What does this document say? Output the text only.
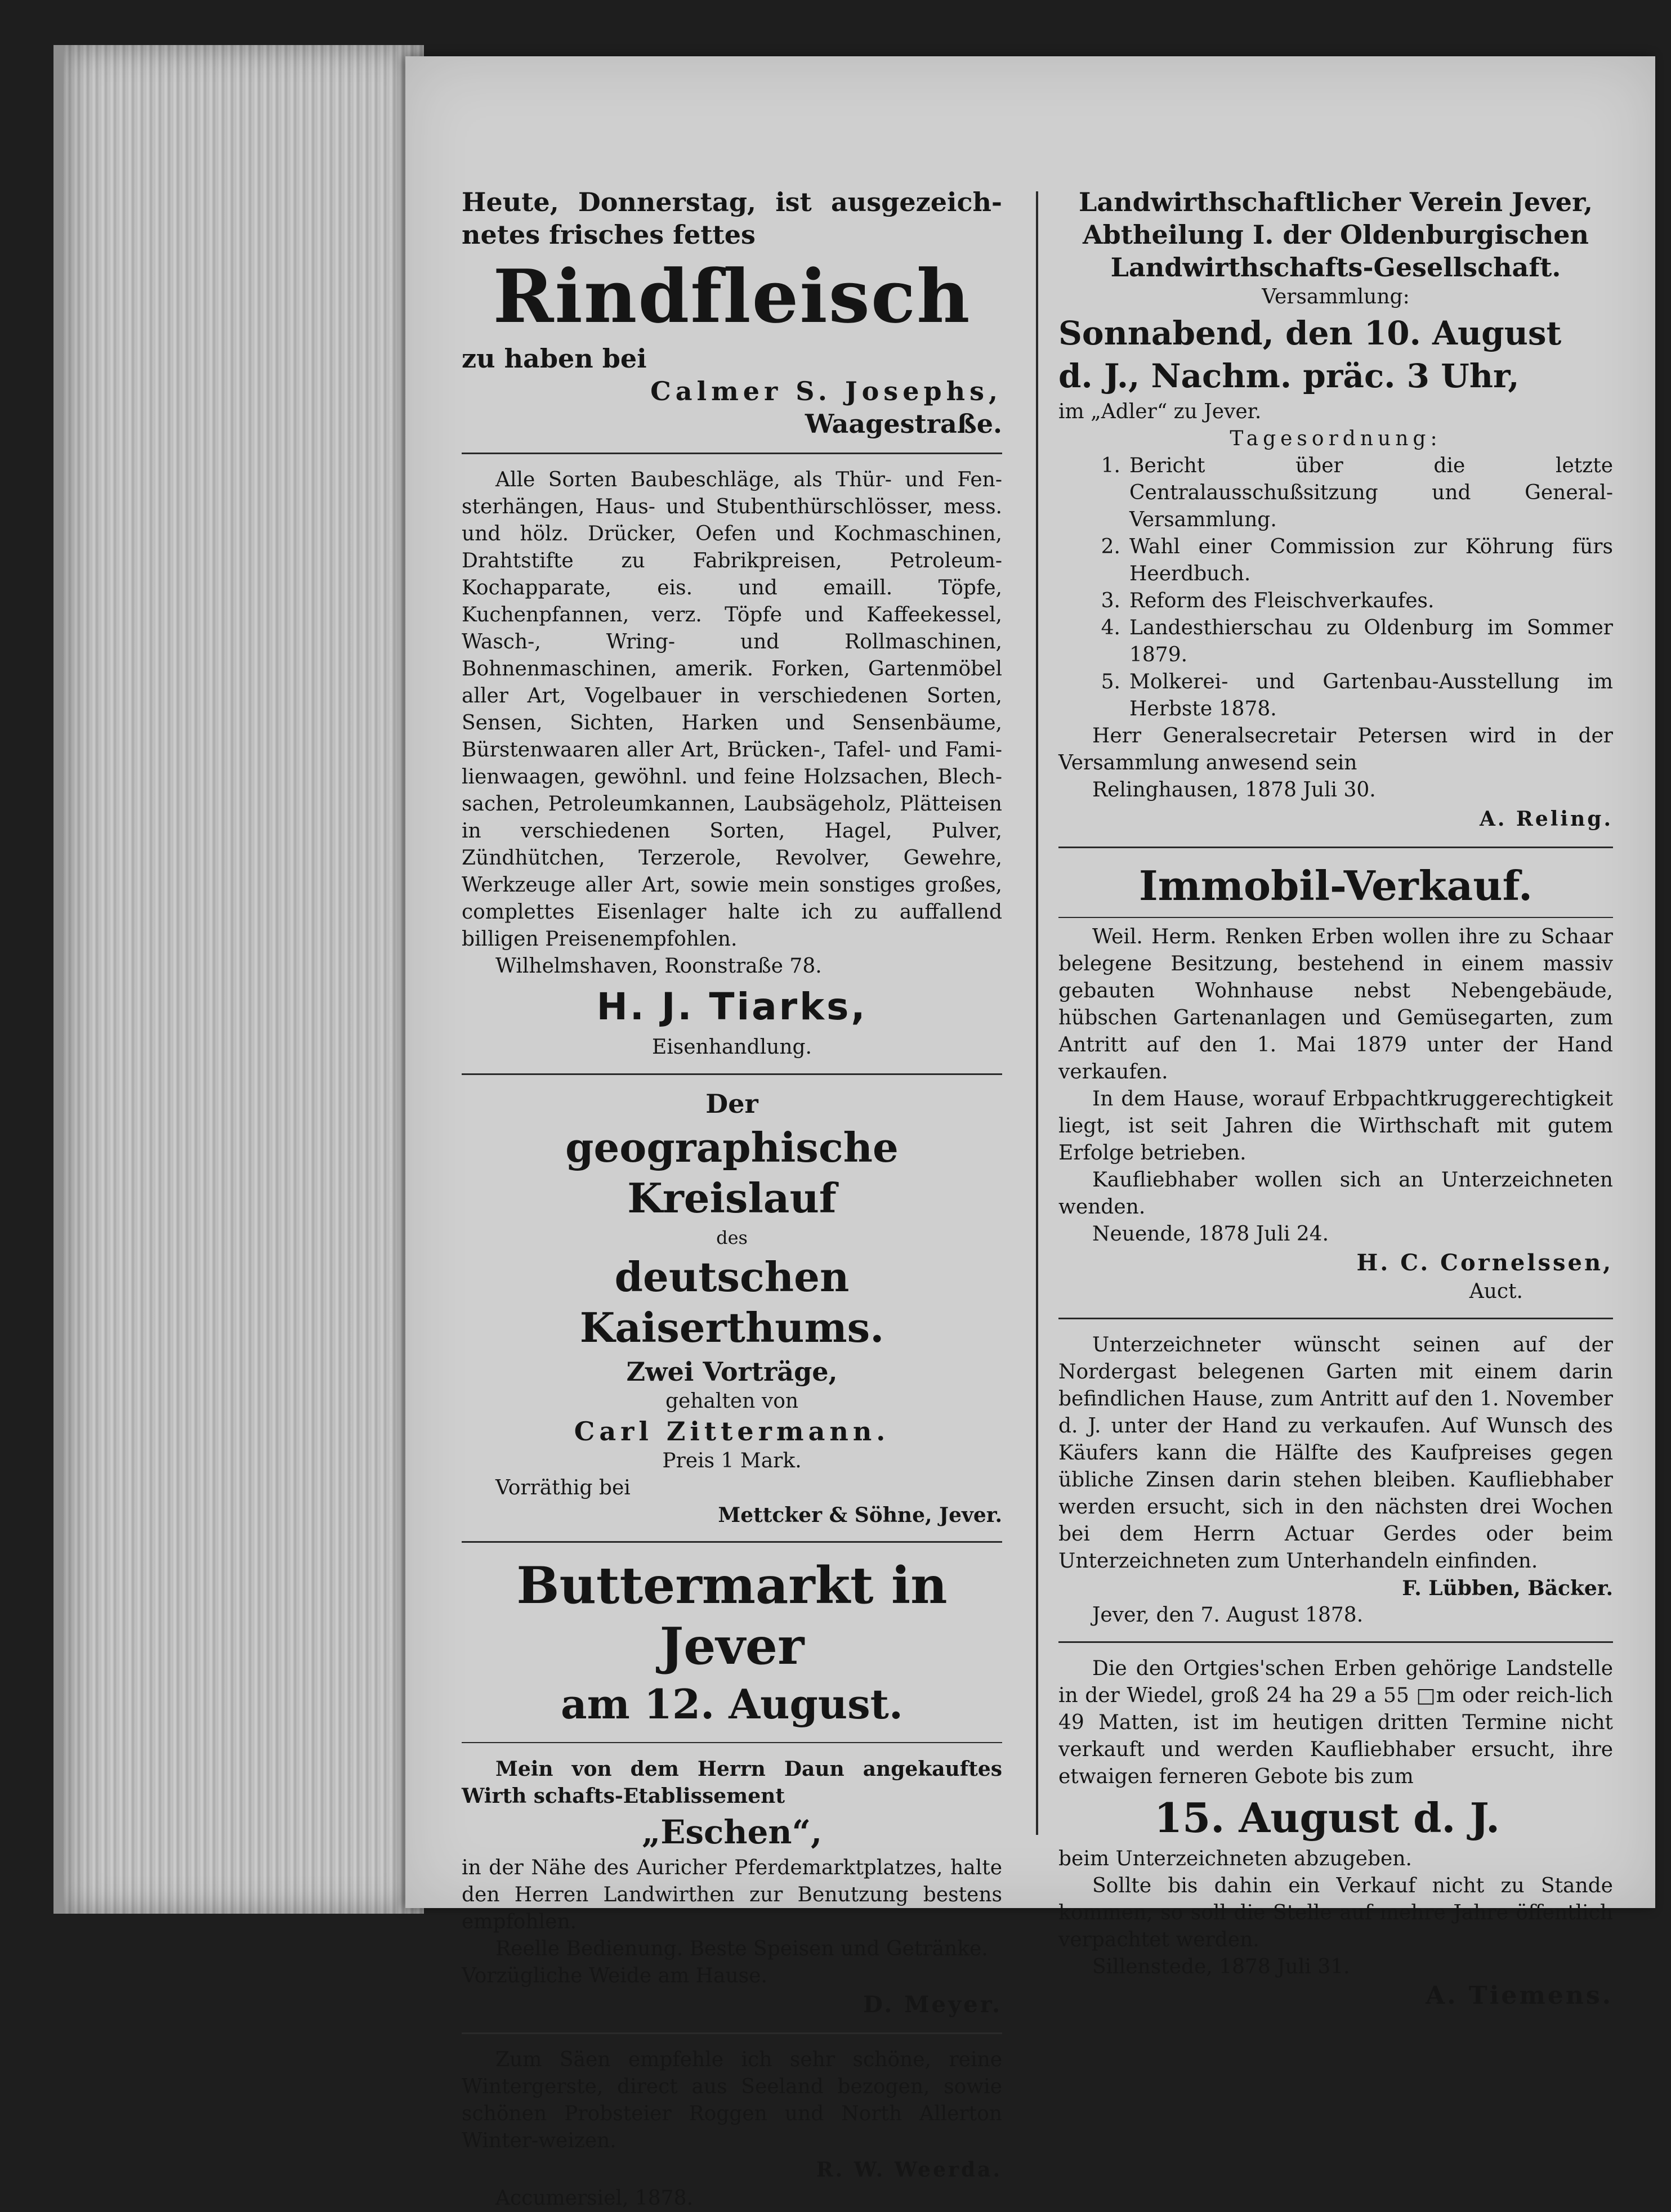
Heute, Donnerstag, ist ausgezeich-netes frisches fettes

Rindfleisch

zu haben bei

Calmer S. Josephs,

Waagestraße.

Alle Sorten Baubeschläge, als Thür- und Fen-sterhängen, Haus- und Stubenthürschlösser, mess. und hölz. Drücker, Oefen und Kochmaschinen, Drahtstifte zu Fabrikpreisen, Petroleum-Kochapparate, eis. und emaill. Töpfe, Kuchenpfannen, verz. Töpfe und Kaffeekessel, Wasch-, Wring- und Rollmaschinen, Bohnenmaschinen, amerik. Forken, Gartenmöbel aller Art, Vogelbauer in verschiedenen Sorten, Sensen, Sichten, Harken und Sensenbäume, Bürstenwaaren aller Art, Brücken-, Tafel- und Fami-lienwaagen, gewöhnl. und feine Holzsachen, Blech-sachen, Petroleumkannen, Laubsägeholz, Plätteisen in verschiedenen Sorten, Hagel, Pulver, Zündhütchen, Terzerole, Revolver, Gewehre, Werkzeuge aller Art, sowie mein sonstiges großes, complettes Eisenlager halte ich zu auffallend billigen Preisenempfohlen.

Wilhelmshaven, Roonstraße 78.

H. J. Tiarks,

Eisenhandlung.

Der

geographische Kreislauf

des

deutschen Kaiserthums.

Zwei Vorträge,

gehalten von

Carl Zittermann.

Preis 1 Mark.

Vorräthig bei

Mettcker & Söhne, Jever.

Buttermarkt in Jever

am 12. August.

Mein von dem Herrn Daun angekauftes Wirth schafts-Etablissement

„Eschen“,

in der Nähe des Auricher Pferdemarktplatzes, halte den Herren Landwirthen zur Benutzung bestens empfohlen.

Reelle Bedienung. Beste Speisen und Getränke.

Vorzügliche Weide am Hause.

D. Meyer.

Zum Säen empfehle ich sehr schöne, reine Wintergerste, direct aus Seeland bezogen, sowie schönen Probsteier Roggen und North Allerton Winter-weizen.

R. W. Weerda.

Accumersiel, 1878.

Landwirthschaftlicher Verein Jever,

Abtheilung I. der Oldenburgischen

Landwirthschafts-Gesellschaft.

Versammlung:

Sonnabend, den 10. August

d. J., Nachm. präc. 3 Uhr,

im „Adler“ zu Jever.

Tagesordnung:

1. Bericht über die letzte Centralausschußsitzung und General-Versammlung.
2. Wahl einer Commission zur Köhrung fürs Heerdbuch.
3. Reform des Fleischverkaufes.
4. Landesthierschau zu Oldenburg im Sommer 1879.
5. Molkerei- und Gartenbau-Ausstellung im Herbste 1878.

Herr Generalsecretair Petersen wird in der Versammlung anwesend sein

Relinghausen, 1878 Juli 30.

A. Reling.

Immobil-Verkauf.

Weil. Herm. Renken Erben wollen ihre zu Schaar belegene Besitzung, bestehend in einem massiv gebauten Wohnhause nebst Nebengebäude, hübschen Gartenanlagen und Gemüsegarten, zum Antritt auf den 1. Mai 1879 unter der Hand verkaufen.

In dem Hause, worauf Erbpachtkruggerechtigkeit liegt, ist seit Jahren die Wirthschaft mit gutem Erfolge betrieben.

Kaufliebhaber wollen sich an Unterzeichneten wenden.

Neuende, 1878 Juli 24.

H. C. Cornelssen,

Auct.

Unterzeichneter wünscht seinen auf der Nordergast belegenen Garten mit einem darin befindlichen Hause, zum Antritt auf den 1. November d. J. unter der Hand zu verkaufen. Auf Wunsch des Käufers kann die Hälfte des Kaufpreises gegen übliche Zinsen darin stehen bleiben. Kaufliebhaber werden ersucht, sich in den nächsten drei Wochen bei dem Herrn Actuar Gerdes oder beim Unterzeichneten zum Unterhandeln einfinden.

F. Lübben, Bäcker.

Jever, den 7. August 1878.

Die den Ortgies'schen Erben gehörige Landstelle in der Wiedel, groß 24 ha 29 a 55 □m oder reich-lich 49 Matten, ist im heutigen dritten Termine nicht verkauft und werden Kaufliebhaber ersucht, ihre etwaigen ferneren Gebote bis zum

15. August d. J.

beim Unterzeichneten abzugeben.

Sollte bis dahin ein Verkauf nicht zu Stande kommen, so soll die Stelle auf mehre Jahre öffentlich verpachtet werden.

Sillenstede, 1878 Juli 31.

A. Tiemens.
